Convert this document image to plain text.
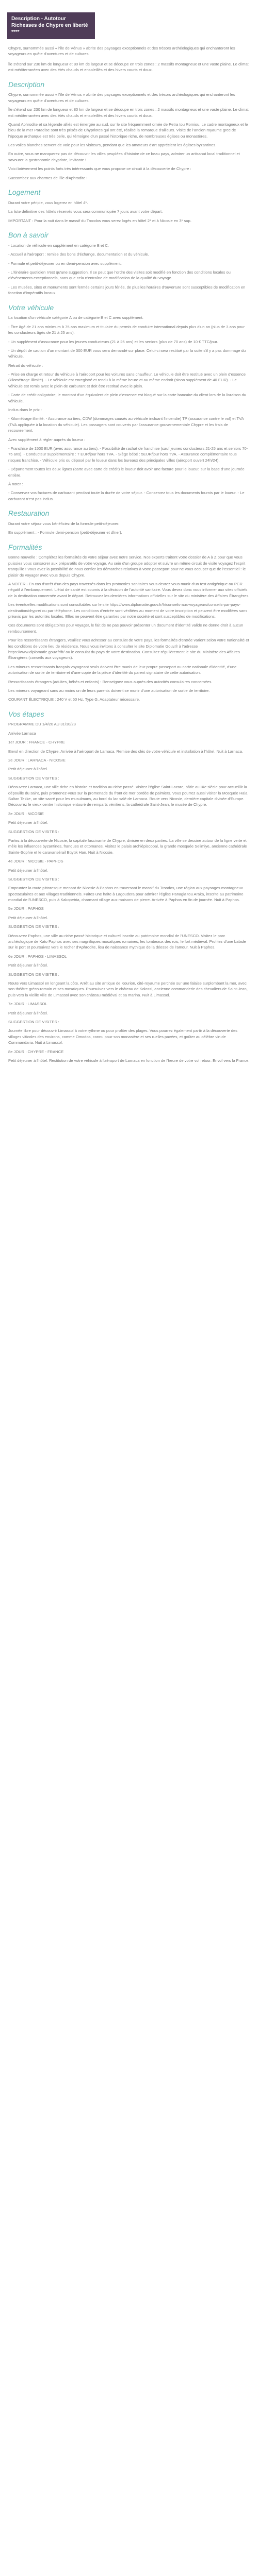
Description - Autotour Richesses de Chypre en liberté ****

Chypre, surnommée aussi « l'île de Vénus » abrite des paysages exceptionnels et des trésors archéologiques qui enchanteront les voyageurs en quête d'aventures et de cultures.

Île s'étend sur 230 km de longueur et 80 km de largeur et se découpe en trois zones : 2 massifs montagneux et une vaste plaine. Le climat est méditerranéen avec des étés chauds et ensoleillés et des hivers courts et doux.

Description

Chypre, surnommée aussi « l'île de Vénus » abrite des paysages exceptionnels et des trésors archéologiques qui enchanteront les voyageurs en quête d'aventures et de cultures.

Île s'étend sur 230 km de longueur et 80 km de largeur et se découpe en trois zones : 2 massifs montagneux et une vaste plaine. Le climat est méditerranéen avec des étés chauds et ensoleillés et des hivers courts et doux.

Quand Aphrodite et sa légende alliés est émergée au sud, sur le site fréquemment ornée de Petra tou Romiou. Le cadre montagneux et le bleu de la mer Paradise sont très prisés de Chypriotes qui ont été, réalisé la remarque d'ailleurs. Visite de l'ancien royaume grec de l'époque archaïque est très belle, qui témoigne d'un passé historique riche, de nombreuses églises ou monastères.

Les voiles blanches servent de voie pour les visiteurs, pendant que les amateurs d'art apprécient les églises byzantines.

En outre, vous ne manquerez pas de découvrir les villes peuplées d'histoire de ce beau pays, admirer un artisanat local traditionnel et savourer la gastronomie chypriote, invitante !

Voici brièvement les points forts très intéressants que vous propose ce circuit à la découverte de Chypre :

Succombez aux charmes de l'île d'Aphrodite !

Logement

Durant votre périple, vous logerez en hôtel 4*.

La liste définitive des hôtels réservés vous sera communiquée 7 jours avant votre départ.

IMPORTANT : Pour la nuit dans le massif du Troodos vous serez logés en hôtel 2* et à Nicosie en 3* sup.

Bon à savoir

- Location de véhicule en supplément en catégorie B et C.

- Accueil à l'aéroport : remise des bons d'échange, documentation et du véhicule.

- Formule et petit-déjeuner ou en demi-pension avec supplément.

- L'itinéraire quotidien n'est qu'une suggestion. Il se peut que l'ordre des visites soit modifié en fonction des conditions locales ou d'événements exceptionnels, sans que cela n'entraîne de modification de la qualité du voyage.

- Les musées, sites et monuments sont fermés certains jours fériés, de plus les horaires d'ouverture sont susceptibles de modification en fonction d'impératifs locaux.

Votre véhicule

La location d'un véhicule catégorie A ou de catégorie B et C avec supplément.

- Être âgé de 21 ans minimum à 75 ans maximum et titulaire du permis de conduire international depuis plus d'un an (plus de 3 ans pour les conducteurs âgés de 21 à 25 ans).

- Un supplément d'assurance pour les jeunes conducteurs (21 à 25 ans) et les seniors (plus de 70 ans) de 10 € TTC/jour.

- Un dépôt de caution d'un montant de 300 EUR vous sera demandé sur place. Celui-ci sera restitué par la suite s'il y a pas dommage du véhicule.

Retrait du véhicule :

- Prise en charge et retour du véhicule à l'aéroport pour les voitures sans chauffeur. Le véhicule doit être restitué avec un plein d'essence (kilométrage illimité). - Le véhicule est enregistré et rendu à la même heure et au même endroit (sinon supplément de 40 EUR). - Le véhicule est remis avec le plein de carburant et doit être restitué avec le plein.

- Carte de crédit obligatoire, le montant d'un équivalent de plein d'essence est bloqué sur la carte bancaire du client lors de la livraison du véhicule.

Inclus dans le prix :

- Kilométrage illimité. - Assurance au tiers, CDW (dommages causés au véhicule incluant l'incendie) TP (assurance contre le vol) et TVA (TVA appliquée à la location du véhicule). Les passagers sont couverts par l'assurance gouvernementale Chypre et les frais de recouvrement.

Avec supplément à régler auprès du loueur :

- Franchise de 1500 EUR (avec assurance au tiers). - Possibilité de rachat de franchise (sauf jeunes conducteurs 21-25 ans et seniors 70-75 ans). - Conducteur supplémentaire : 7 EUR/jour hors TVA. - Siège bébé : 5EUR/jour hors TVA. - Assurance complémentaire tous risques franchise. - Véhicule pris ou déposé par le loueur dans les bureaux des principales villes (aéroport ouvert 24h/24).

- Département toutes les deux lignes (carte avec carte de crédit) le loueur doit avoir une facture pour le loueur, sur la base d'une journée entière.

À noter :

- Conservez vos factures de carburant pendant toute la durée de votre séjour. - Conservez tous les documents fournis par le loueur. - Le carburant n'est pas inclus.

Restauration

Durant votre séjour vous bénéficiez de la formule petit-déjeuner.

En supplément : - Formule demi-pension (petit-déjeuner et dîner).

Formalités

Bonne nouvelle : Complétez les formalités de votre séjour avec notre service. Nos experts traitent votre dossier de A à Z pour que vous puissiez vous consacrer aux préparatifs de votre voyage. Au sein d'un groupe adopter et suivre un même circuit de visite voyagez l'esprit tranquille ! Vous avez la possibilité de nous confier les démarches relatives à votre passeport pour ne vous occuper que de l'essentiel : le plaisir de voyager avec vous depuis Chypre.

A NOTER - En cas d'arrêt d'un des pays traversés dans les protocoles sanitaires vous devrez vous munir d'un test antigénique ou PCR négatif à l'embarquement. L'état de santé est soumis à la décision de l'autorité sanitaire. Vous devez donc vous informer aux sites officiels de la destination concernée avant le départ. Retrouvez les dernières informations officielles sur le site du ministère des Affaires Étrangères.

Les éventuelles modifications sont consultables sur le site https://www.diplomatie.gouv.fr/fr/conseils-aux-voyageurs/conseils-par-pays-destination/chypre/ ou par téléphone. Les conditions d'entrée sont vérifiées au moment de votre inscription et peuvent être modifiées sans préavis par les autorités locales. Elles ne peuvent être garanties par notre société et sont susceptibles de modifications.

Ces documents sont obligatoires pour voyager, le fait de ne pas pouvoir présenter un document d'identité valide ne donne droit à aucun remboursement.

Pour les ressortissants étrangers, veuillez vous adresser au consulat de votre pays, les formalités d'entrée varient selon votre nationalité et les conditions de votre lieu de résidence. Nous vous invitons à consulter le site Diplomatie Gouv.fr à l'adresse https://www.diplomatie.gouv.fr/fr/ ou le consulat du pays de votre destination. Consultez régulièrement le site du Ministère des Affaires Étrangères (conseils aux voyageurs).

Les mineurs ressortissants français voyageant seuls doivent être munis de leur propre passeport ou carte nationale d'identité, d'une autorisation de sortie de territoire et d'une copie de la pièce d'identité du parent signataire de cette autorisation.

Ressortissants étrangers (adultes, bébés et enfants) : Renseignez vous auprès des autorités consulaires concernées.

Les mineurs voyageant sans au moins un de leurs parents doivent se munir d'une autorisation de sortie de territoire.

COURANT ÉLECTRIQUE : 240 V et 50 Hz. Type G. Adaptateur nécessaire.

Vos étapes

PROGRAMME DU 1/4/20 AU 31/10/23

Arrivée Larnaca

1er JOUR : FRANCE - CHYPRE

Envol en direction de Chypre. Arrivée à l'aéroport de Larnaca. Remise des clés de votre véhicule et installation à l'hôtel. Nuit à Larnaca.

2e JOUR : LARNACA - NICOSIE

Petit déjeuner à l'hôtel.

SUGGESTION DE VISITES :

Découvrez Larnaca, une ville riche en histoire et tradition au riche passé. Visitez l'église Saint-Lazare, bâtie au IXe siècle pour accueillir la dépouille du saint, puis promenez-vous sur la promenade du front de mer bordée de palmiers. Vous pourrez aussi visiter la Mosquée Hala Sultan Tekke, un site sacré pour les musulmans, au bord du lac salé de Larnaca. Route vers Nicosie, dernière capitale divisée d'Europe. Découvrez le vieux centre historique entouré de remparts vénitiens, la cathédrale Saint-Jean, le musée de Chypre.

3e JOUR : NICOSIE

Petit déjeuner à l'hôtel.

SUGGESTION DE VISITES :

Partez à la découverte de Nicosie, la capitale fascinante de Chypre, divisée en deux parties. La ville se dessine autour de la ligne verte et mêle les influences byzantines, franques et ottomanes. Visitez le palais archiépiscopal, la grande mosquée Selimiye, ancienne cathédrale Sainte-Sophie et le caravansérail Büyük Han. Nuit à Nicosie.

4e JOUR : NICOSIE - PAPHOS

Petit déjeuner à l'hôtel.

SUGGESTION DE VISITES :

Empruntez la route pittoresque menant de Nicosie à Paphos en traversant le massif du Troodos, une région aux paysages montagneux spectaculaires et aux villages traditionnels. Faites une halte à Lagoudera pour admirer l'église Panagia tou Araka, inscrite au patrimoine mondial de l'UNESCO, puis à Kakopetria, charmant village aux maisons de pierre. Arrivée à Paphos en fin de journée. Nuit à Paphos.

5e JOUR : PAPHOS

Petit déjeuner à l'hôtel.

SUGGESTION DE VISITES :

Découvrez Paphos, une ville au riche passé historique et culturel inscrite au patrimoine mondial de l'UNESCO. Visitez le parc archéologique de Kato Paphos avec ses magnifiques mosaïques romaines, les tombeaux des rois, le fort médiéval. Profitez d'une balade sur le port et poursuivez vers le rocher d'Aphrodite, lieu de naissance mythique de la déesse de l'amour. Nuit à Paphos.

6e JOUR : PAPHOS - LIMASSOL

Petit déjeuner à l'hôtel.

SUGGESTION DE VISITES :

Route vers Limassol en longeant la côte. Arrêt au site antique de Kourion, cité-royaume perchée sur une falaise surplombant la mer, avec son théâtre gréco-romain et ses mosaïques. Poursuivez vers le château de Kolossi, ancienne commanderie des chevaliers de Saint-Jean, puis vers la vieille ville de Limassol avec son château médiéval et sa marina. Nuit à Limassol.

7e JOUR : LIMASSOL

Petit déjeuner à l'hôtel.

SUGGESTION DE VISITES :

Journée libre pour découvrir Limassol à votre rythme ou pour profiter des plages. Vous pourrez également partir à la découverte des villages viticoles des environs, comme Omodos, connu pour son monastère et ses ruelles pavées, et goûter au célèbre vin de Commandaria. Nuit à Limassol.

8e JOUR : CHYPRE - FRANCE

Petit déjeuner à l'hôtel. Restitution de votre véhicule à l'aéroport de Larnaca en fonction de l'heure de votre vol retour. Envol vers la France.
